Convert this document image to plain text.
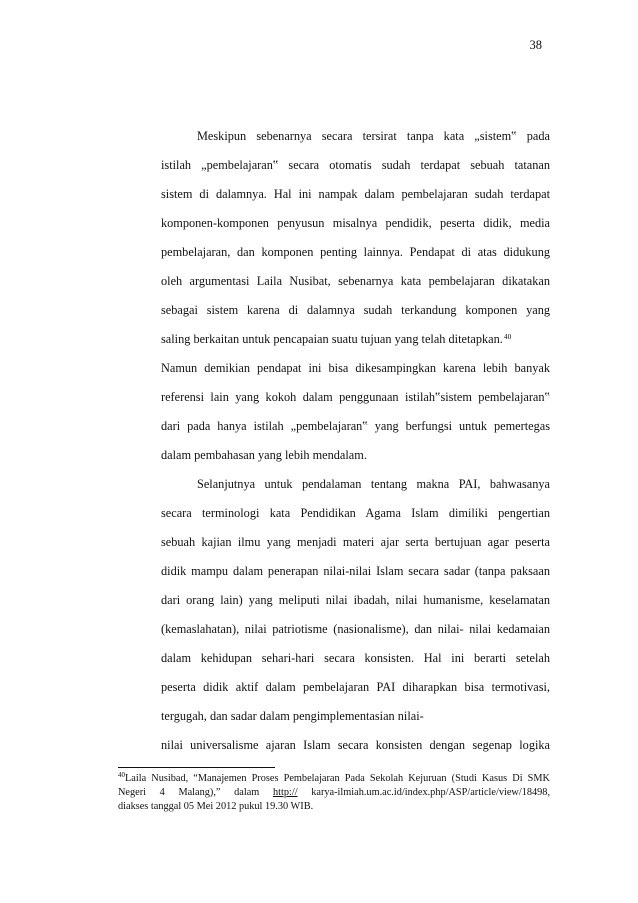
38
Meskipun sebenarnya secara tersirat tanpa kata „sistem‟ pada
istilah „pembelajaran‟ secara otomatis sudah terdapat sebuah tatanan
sistem di dalamnya. Hal ini nampak dalam pembelajaran sudah terdapat
komponen-komponen penyusun misalnya pendidik, peserta didik, media
pembelajaran, dan komponen penting lainnya. Pendapat di atas didukung
oleh argumentasi Laila Nusibat, sebenarnya kata pembelajaran dikatakan
sebagai sistem karena di dalamnya sudah terkandung komponen yang
saling berkaitan untuk pencapaian suatu tujuan yang telah ditetapkan.$^{40}$
Namun demikian pendapat ini bisa dikesampingkan karena lebih banyak
referensi lain yang kokoh dalam penggunaan istilah‟sistem pembelajaran‟
dari pada hanya istilah „pembelajaran‟ yang berfungsi untuk pemertegas
dalam pembahasan yang lebih mendalam.
Selanjutnya untuk pendalaman tentang makna PAI, bahwasanya
secara terminologi kata Pendidikan Agama Islam dimiliki pengertian
sebuah kajian ilmu yang menjadi materi ajar serta bertujuan agar peserta
didik mampu dalam penerapan nilai-nilai Islam secara sadar (tanpa paksaan
dari orang lain) yang meliputi nilai ibadah, nilai humanisme, keselamatan
(kemaslahatan), nilai patriotisme (nasionalisme), dan nilai- nilai kedamaian
dalam kehidupan sehari-hari secara konsisten. Hal ini berarti setelah
peserta didik aktif dalam pembelajaran PAI diharapkan bisa termotivasi,
tergugah, dan sadar dalam pengimplementasian nilai-
nilai universalisme ajaran Islam secara konsisten dengan segenap logika
$^{40}$Laila Nusibad, “Manajemen Proses Pembelajaran Pada Sekolah Kejuruan (Studi Kasus Di SMK
Negeri 4 Malang),” dalam http:// karya-ilmiah.um.ac.id/index.php/ASP/article/view/18498,
diakses tanggal 05 Mei 2012 pukul 19.30 WIB.
